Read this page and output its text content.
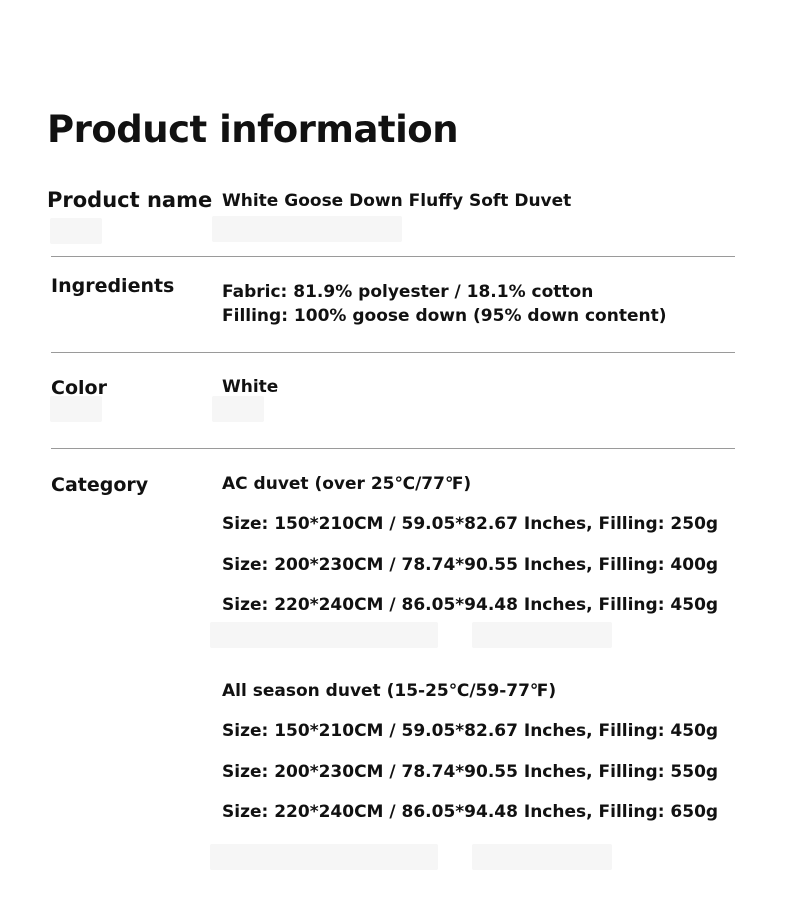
Product information
Product name White Goose Down Fluffy Soft Duvet
Ingredients	Fabric: 81.9% polyester / 18.1% cotton
Filling: 100% goose down (95% down content)
Color	White
Category	AC duvet (over 25℃/77℉)
Size: 150*210CM / 59.05*82.67 Inches, Filling: 250g
Size: 200*230CM / 78.74*90.55 Inches, Filling: 400g
Size: 220*240CM / 86.05*94.48 Inches, Filling: 450g
All season duvet (15-25℃/59-77℉)
Size: 150*210CM / 59.05*82.67 Inches, Filling: 450g
Size: 200*230CM / 78.74*90.55 Inches, Filling: 550g
Size: 220*240CM / 86.05*94.48 Inches, Filling: 650g
